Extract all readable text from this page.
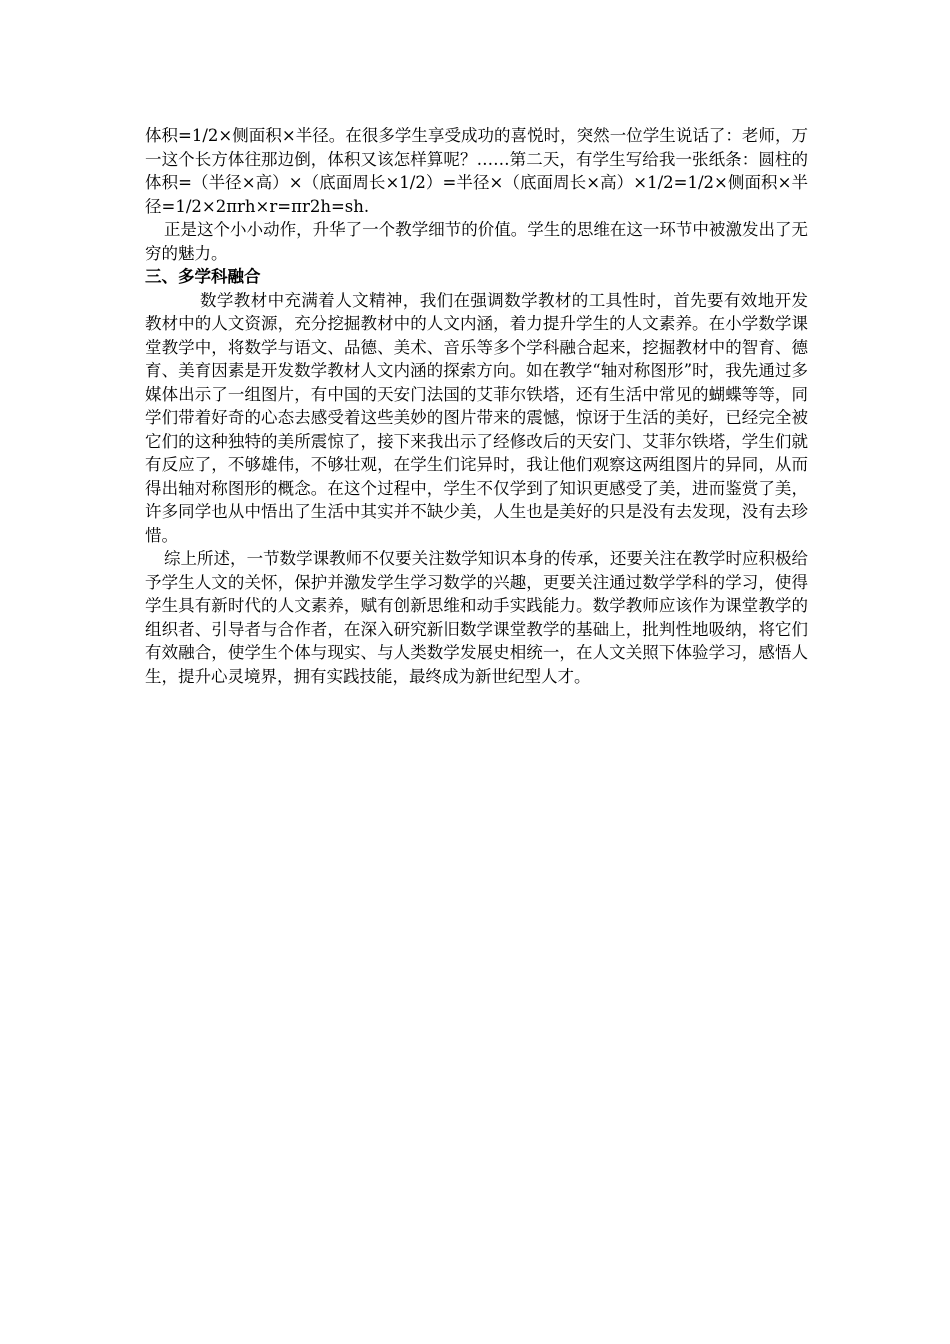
体积=1/2×侧面积×半径。在很多学生享受成功的喜悦时，突然一位学生说话了：老师，万一这个长方体往那边倒，体积又该怎样算呢？……第二天，有学生写给我一张纸条：圆柱的体积=（半径×高）×（底面周长×1/2）=半径×（底面周长×高）×1/2=1/2×侧面积×半径=1/2×2πrh×r=πr2h=sh.

正是这个小小动作，升华了一个教学细节的价值。学生的思维在这一环节中被激发出了无穷的魅力。

三、多学科融合

数学教材中充满着人文精神，我们在强调数学教材的工具性时，首先要有效地开发教材中的人文资源，充分挖掘教材中的人文内涵，着力提升学生的人文素养。在小学数学课堂教学中，将数学与语文、品德、美术、音乐等多个学科融合起来，挖掘教材中的智育、德育、美育因素是开发数学教材人文内涵的探索方向。如在教学“轴对称图形”时，我先通过多媒体出示了一组图片，有中国的天安门法国的艾菲尔铁塔，还有生活中常见的蝴蝶等等，同学们带着好奇的心态去感受着这些美妙的图片带来的震憾，惊讶于生活的美好，已经完全被它们的这种独特的美所震惊了，接下来我出示了经修改后的天安门、艾菲尔铁塔，学生们就有反应了，不够雄伟，不够壮观，在学生们诧异时，我让他们观察这两组图片的异同，从而得出轴对称图形的概念。在这个过程中，学生不仅学到了知识更感受了美，进而鉴赏了美，许多同学也从中悟出了生活中其实并不缺少美，人生也是美好的只是没有去发现，没有去珍惜。

综上所述，一节数学课教师不仅要关注数学知识本身的传承，还要关注在教学时应积极给予学生人文的关怀，保护并激发学生学习数学的兴趣，更要关注通过数学学科的学习，使得学生具有新时代的人文素养，赋有创新思维和动手实践能力。数学教师应该作为课堂教学的组织者、引导者与合作者，在深入研究新旧数学课堂教学的基础上，批判性地吸纳，将它们有效融合，使学生个体与现实、与人类数学发展史相统一，在人文关照下体验学习，感悟人生，提升心灵境界，拥有实践技能，最终成为新世纪型人才。
